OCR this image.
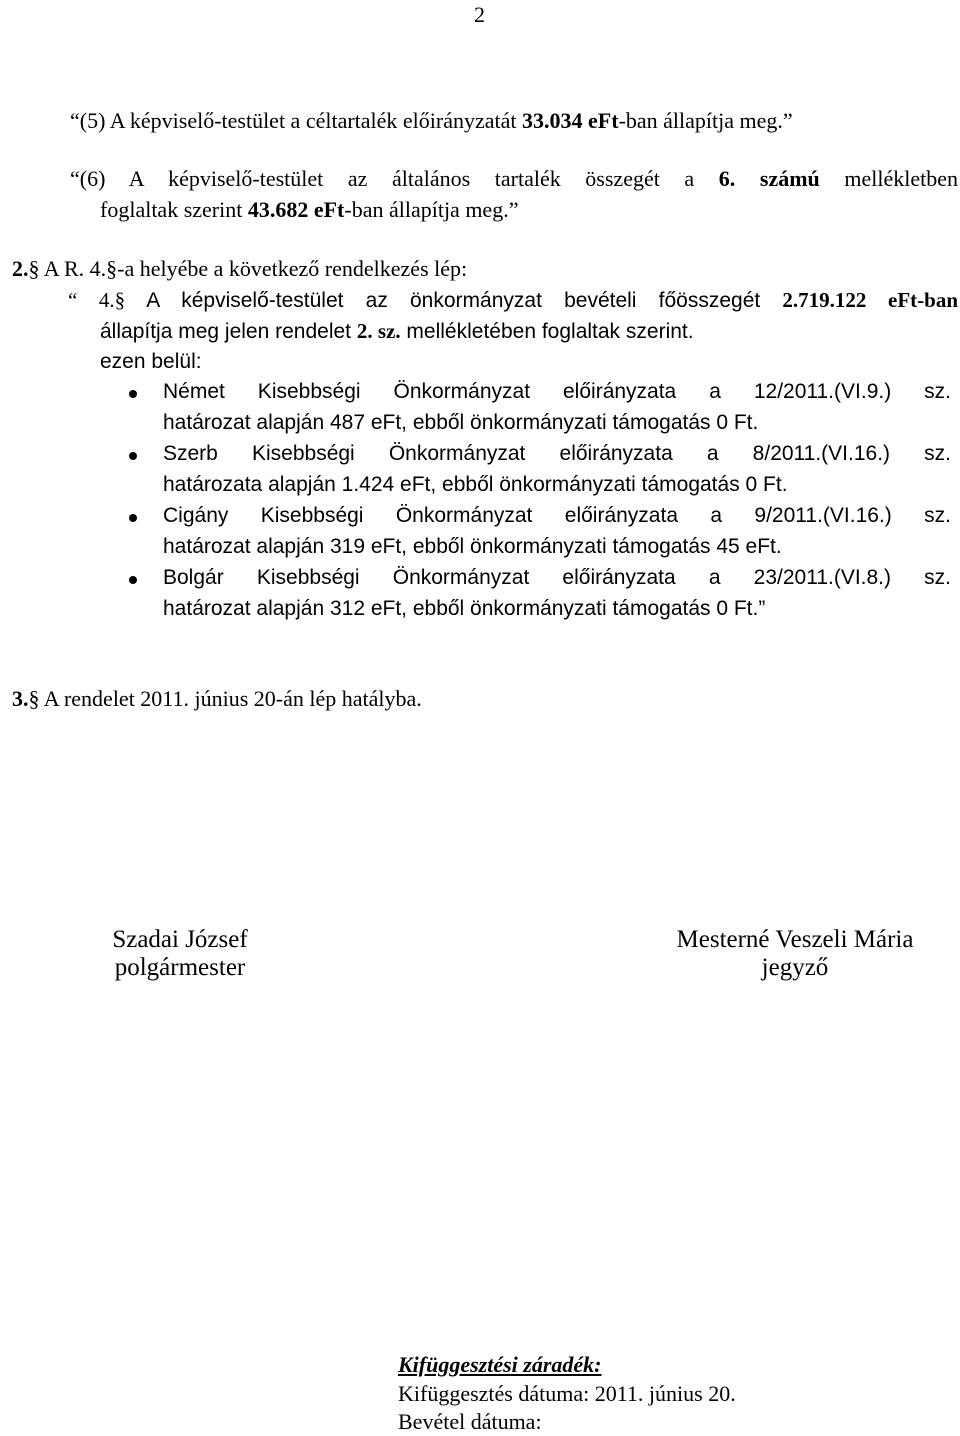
2
“(5) A képviselő-testület a céltartalék előirányzatát 33.034 eFt-ban állapítja meg.”
“(6) A képviselő-testület az általános tartalék összegét a 6. számú mellékletben
foglaltak szerint 43.682 eFt-ban állapítja meg.”
2.§ A R. 4.§-a helyébe a következő rendelkezés lép:
“ 4.§ A képviselő-testület az önkormányzat bevételi főösszegét 2.719.122 eFt-ban
állapítja meg jelen rendelet 2. sz. mellékletében foglaltak szerint.
ezen belül:
Német Kisebbségi Önkormányzat előirányzata a 12/2011.(VI.9.) sz.
határozat alapján 487 eFt, ebből önkormányzati támogatás 0 Ft.
Szerb Kisebbségi Önkormányzat előirányzata a 8/2011.(VI.16.) sz.
határozata alapján 1.424 eFt, ebből önkormányzati támogatás 0 Ft.
Cigány Kisebbségi Önkormányzat előirányzata a 9/2011.(VI.16.) sz.
határozat alapján 319 eFt, ebből önkormányzati támogatás 45 eFt.
Bolgár Kisebbségi Önkormányzat előirányzata a 23/2011.(VI.8.) sz.
határozat alapján 312 eFt, ebből önkormányzati támogatás 0 Ft.”
3.§ A rendelet 2011. június 20-án lép hatályba.
Szadai József
polgármester
Mesterné Veszeli Mária
jegyző
Kifüggesztési záradék:
Kifüggesztés dátuma: 2011. június 20.
Bevétel dátuma:
